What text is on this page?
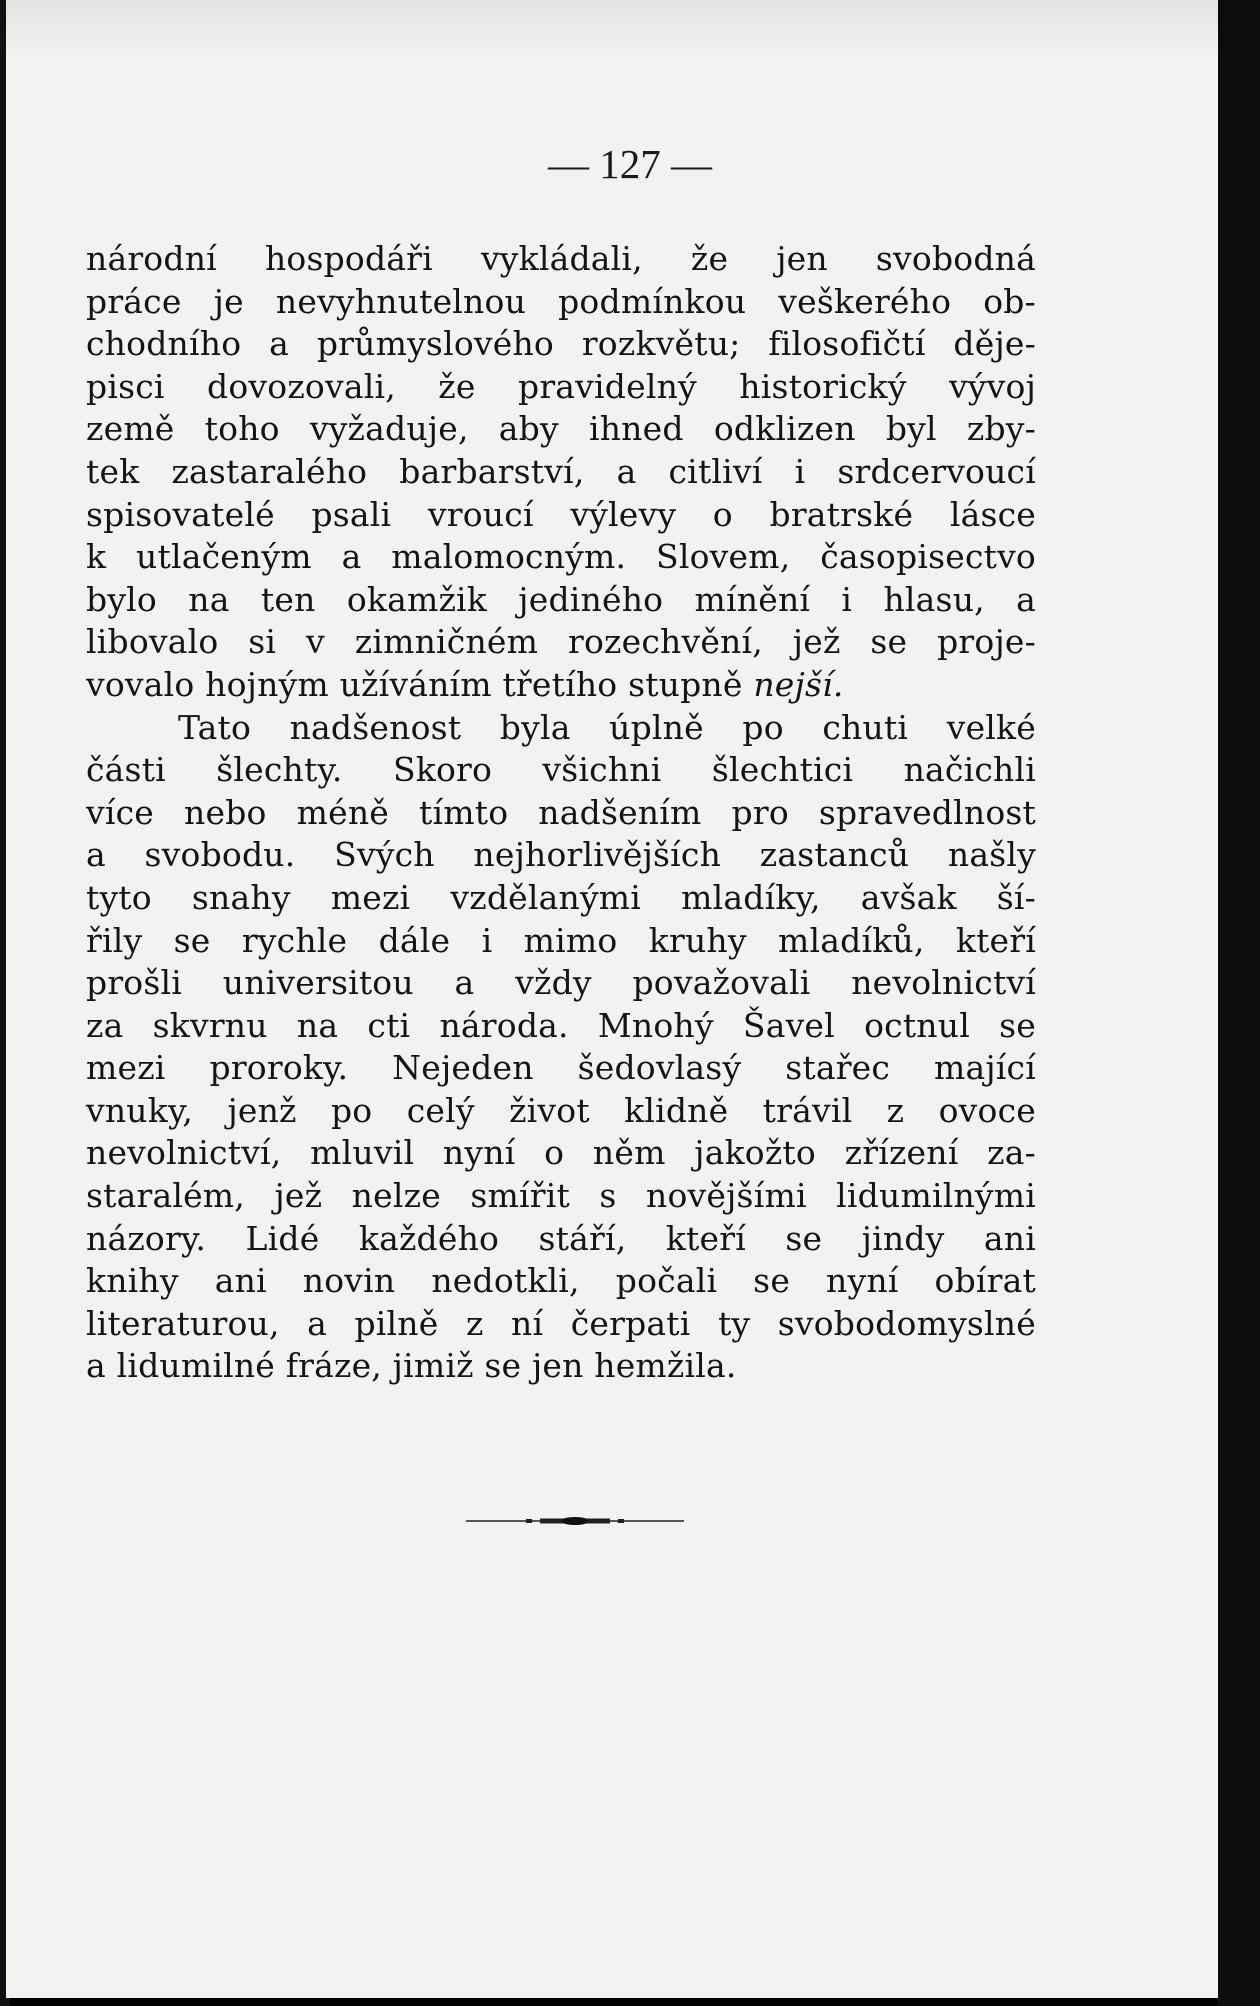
— 127 —
národní hospodáři vykládali, že jen svobodná
práce je nevyhnutelnou podmínkou veškerého ob-
chodního a průmyslového rozkvětu; filosofičtí děje-
pisci dovozovali, že pravidelný historický vývoj
země toho vyžaduje, aby ihned odklizen byl zby-
tek zastaralého barbarství, a citliví i srdcervoucí
spisovatelé psali vroucí výlevy o bratrské lásce
k utlačeným a malomocným. Slovem, časopisectvo
bylo na ten okamžik jediného mínění i hlasu, a
libovalo si v zimničném rozechvění, jež se proje-
vovalo hojným užíváním třetího stupně nejší.
Tato nadšenost byla úplně po chuti velké
části šlechty. Skoro všichni šlechtici načichli
více nebo méně tímto nadšením pro spravedlnost
a svobodu. Svých nejhorlivějších zastanců našly
tyto snahy mezi vzdělanými mladíky, avšak ší-
řily se rychle dále i mimo kruhy mladíků, kteří
prošli universitou a vždy považovali nevolnictví
za skvrnu na cti národa. Mnohý Šavel octnul se
mezi proroky. Nejeden šedovlasý stařec mající
vnuky, jenž po celý život klidně trávil z ovoce
nevolnictví, mluvil nyní o něm jakožto zřízení za-
staralém, jež nelze smířit s novějšími lidumilnými
názory. Lidé každého stáří, kteří se jindy ani
knihy ani novin nedotkli, počali se nyní obírat
literaturou, a pilně z ní čerpati ty svobodomyslné
a lidumilné fráze, jimiž se jen hemžila.
